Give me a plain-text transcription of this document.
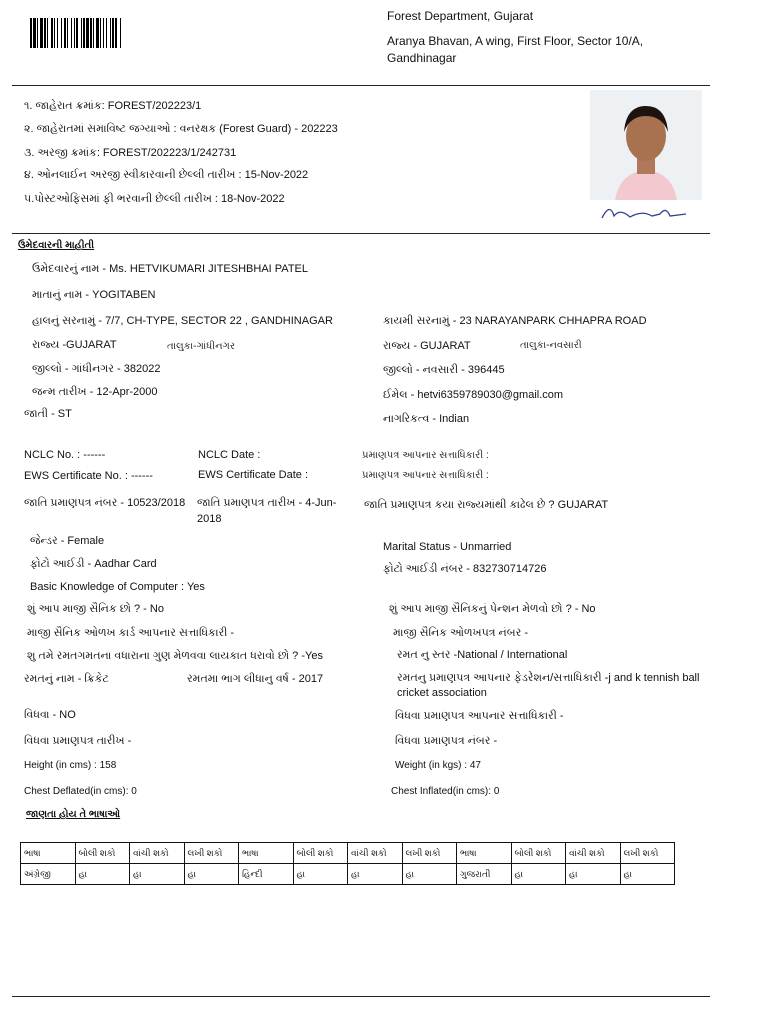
Forest Department, Gujarat
Aranya Bhavan, A wing, First Floor, Sector 10/A,
Gandhinagar
૧. જાહેરાત ક્રમાંક: FOREST/202223/1
૨. જાહેરાતમાં સમાવિષ્ટ જગ્યાઓ : વનરક્ષક (Forest Guard) - 202223
૩. અરજી ક્રમાંક: FOREST/202223/1/242731
૪. ઓનલાઈન અરજી સ્વીકારવાની છેલ્લી તારીખ : 15-Nov-2022
૫.પોસ્ટઓફિસમાં ફી ભરવાની છેલ્લી તારીખ : 18-Nov-2022
ઉમેદવારની માહીતી
ઉમેદવારનું નામ - Ms. HETVIKUMARI JITESHBHAI PATEL
માતાનું નામ - YOGITABEN
હાલનું સરનામું - 7/7, CH-TYPE, SECTOR 22 , GANDHINAGAR	કાયમી સરનામું - 23 NARAYANPARK CHHAPRA ROAD
રાજ્ય -GUJARAT	તાલુકા-ગાંધીનગર	રાજ્ય - GUJARAT	તાલુકા-નવસારી
જીલ્લો - ગાંધીનગર - 382022	જીલ્લો - નવસારી - 396445
જન્મ તારીખ - 12-Apr-2000	ઈમેલ - hetvi6359789030@gmail.com
જાતી - ST	નાગરિકત્વ - Indian
NCLC No. : ------	NCLC Date :	પ્રમાણપત્ર આપનાર સત્તાધિકારી :
EWS Certificate No. : ------	EWS Certificate Date :	પ્રમાણપત્ર આપનાર સત્તાધિકારી :
જાતિ પ્રમાણપત્ર નંબર - 10523/2018 જાતિ પ્રમાણપત્ર તારીખ - 4-Jun-
2018
જાતિ પ્રમાણપત્ર કયા રાજ્યમાંથી કાઢેલ છે ? GUJARAT
જેન્ડર - Female	Marital Status - Unmarried
ફોટો આઈડી - Aadhar Card	ફોટો આઈડી નંબર - 832730714726
Basic Knowledge of Computer : Yes
શું આપ માજી સૈનિક છો ? - No	શું આપ માજી સૈનિકનું પેન્શન મેળવો છો ? - No
માજી સૈનિક ઓળખ કાર્ડ આપનાર સત્તાધિકારી -	માજી સૈનિક ઓળખપત્ર નંબર -
શુ તમે રમતગમતના વધારાના ગુણ મેળવવા લાયકાત ધરાવો છો ? -Yes	રમત નુ સ્તર -National / International
રમતનું નામ - ક્રિકેટ	રમતમા ભાગ લીધાનુ વર્ષ - 2017	રમતનુ પ્રમાણપત્ર આપનાર ફેડરેશન/સત્તાધિકારી -j and k tennish ball
cricket association
વિધવા - NO	વિધવા પ્રમાણપત્ર આપનાર સત્તાધિકારી -
વિધવા પ્રમાણપત્ર તારીખ -	વિધવા પ્રમાણપત્ર નંબર -
Height (in cms) : 158	Weight (in kgs) : 47
Chest Deflated(in cms): 0	Chest Inflated(in cms): 0
જાણતા હોય તે ભાષાઓ
ભાષા	બોલી શકો	વાંચી શકો	લખી શકો	ભાષા	બોલી શકો	વાંચી શકો	લખી શકો	ભાષા	બોલી શકો	વાંચી શકો	લખી શકો
અંગ્રેજી	હા	હા	હા	હિન્દી	હા	હા	હા	ગુજરાતી	હા	હા	હા
